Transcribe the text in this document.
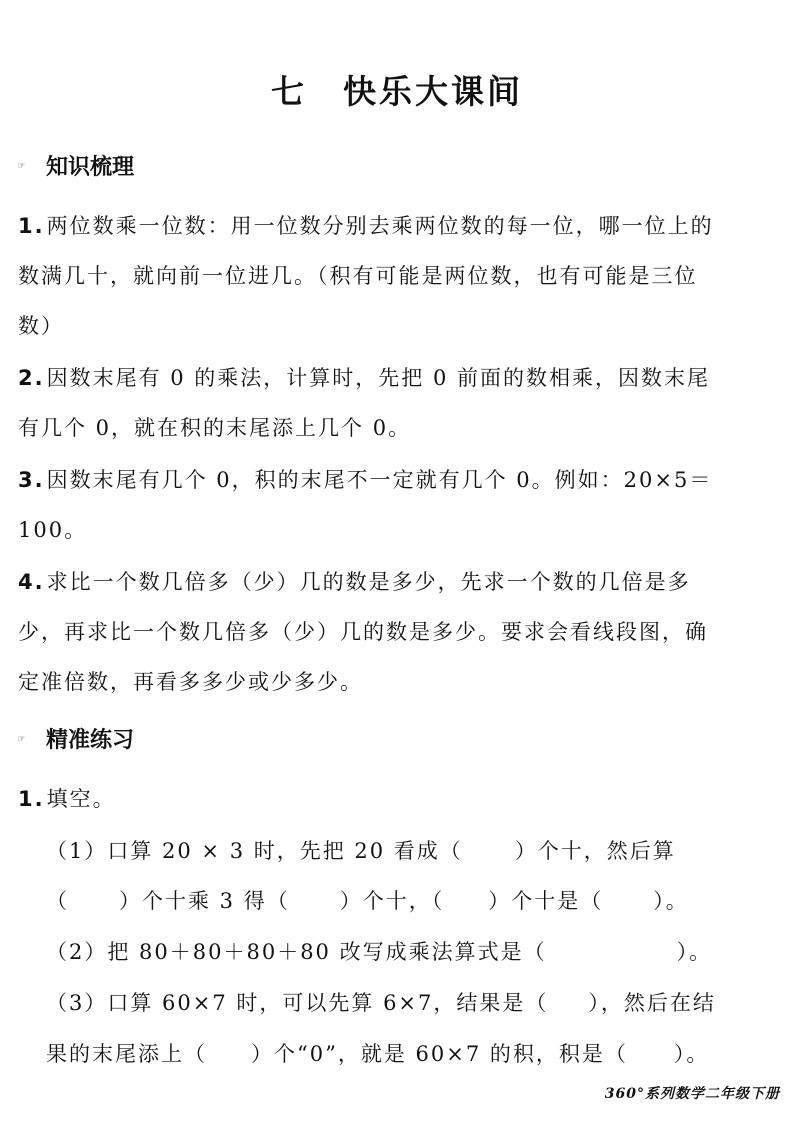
七 快乐大课间
☞	知识梳理
1.两位数乘一位数：用一位数分别去乘两位数的每一位，哪一位上的数满几十，就向前一位进几。（积有可能是两位数，也有可能是三位数）
2.因数末尾有 0 的乘法，计算时，先把 0 前面的数相乘，因数末尾有几个 0，就在积的末尾添上几个 0。
3.因数末尾有几个 0，积的末尾不一定就有几个 0。例如：20×5＝100。
4.求比一个数几倍多（少）几的数是多少，先求一个数的几倍是多少，再求比一个数几倍多（少）几的数是多少。要求会看线段图，确定准倍数，再看多多少或少多少。
☞	精准练习
1.填空。
（1）口算 20 × 3 时，先把 20 看成（ ）个十，然后算
（ ）个十乘 3 得（ ）个十，（ ）个十是（ ）。
（2）把 80＋80＋80＋80 改写成乘法算式是（	）。
（3）口算 60×7 时，可以先算 6×7，结果是（ ），然后在结
果的末尾添上（ ）个“0”，就是 60×7 的积，积是（ ）。
360°系列数学二年级下册
